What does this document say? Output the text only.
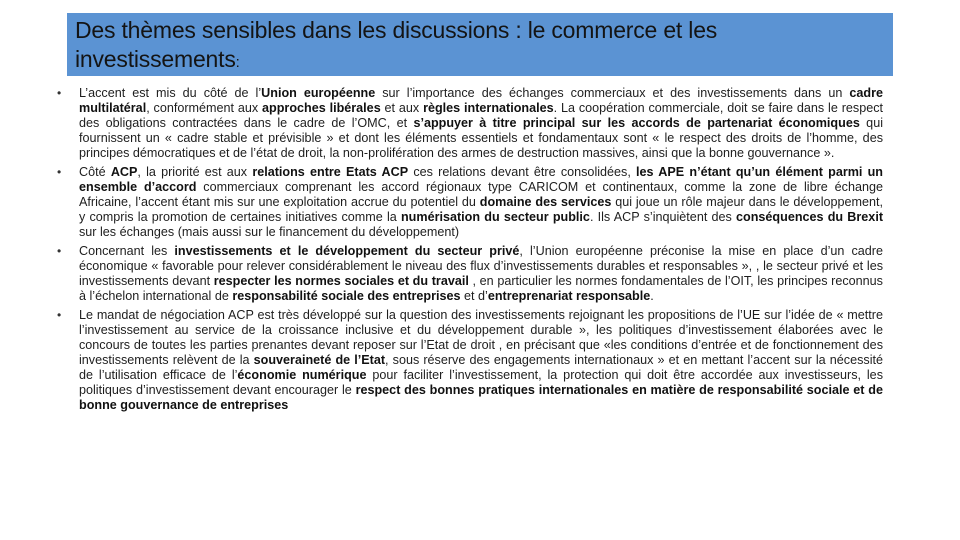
Des thèmes sensibles dans les discussions : le commerce et les investissements:
• L’accent est mis du côté de l’Union européenne sur l’importance des échanges commerciaux et des investissements dans un cadre multilatéral, conformément aux approches libérales et aux règles internationales. La coopération commerciale, doit se faire dans le respect des obligations contractées dans le cadre de l’OMC, et s’appuyer à titre principal sur les accords de partenariat économiques qui fournissent un « cadre stable et prévisible » et dont les éléments essentiels et fondamentaux sont « le respect des droits de l’homme, des principes démocratiques et de l’état de droit, la non-prolifération des armes de destruction massives, ainsi que la bonne gouvernance ».
• Côté ACP, la priorité est aux relations entre Etats ACP ces relations devant être consolidées, les APE n’étant qu’un élément parmi un ensemble d’accord commerciaux comprenant les accord régionaux type CARICOM et continentaux, comme la zone de libre échange Africaine, l’accent étant mis sur une exploitation accrue du potentiel du domaine des services qui joue un rôle majeur dans le développement, y compris la promotion de certaines initiatives comme la numérisation du secteur public. Ils ACP s’inquiètent des conséquences du Brexit sur les échanges (mais aussi sur le financement du développement)
• Concernant les investissements et le développement du secteur privé, l’Union européenne préconise la mise en place d’un cadre économique « favorable pour relever considérablement le niveau des flux d’investissements durables et responsables », , le secteur privé et les investissements devant respecter les normes sociales et du travail , en particulier les normes fondamentales de l’OIT, les principes reconnus à l’échelon international de responsabilité sociale des entreprises et d’entreprenariat responsable.
• Le mandat de négociation ACP est très développé sur la question des investissements rejoignant les propositions de l’UE sur l’idée de « mettre l’investissement au service de la croissance inclusive et du développement durable », les politiques d’investissement élaborées avec le concours de toutes les parties prenantes devant reposer sur l’Etat de droit , en précisant que «les conditions d’entrée et de fonctionnement des investissements relèvent de la souveraineté de l’Etat, sous réserve des engagements internationaux » et en mettant l’accent sur la nécessité de l’utilisation efficace de l’économie numérique pour faciliter l’investissement, la protection qui doit être accordée aux investisseurs, les politiques d’investissement devant encourager le respect des bonnes pratiques internationales en matière de responsabilité sociale et de bonne gouvernance de entreprises
